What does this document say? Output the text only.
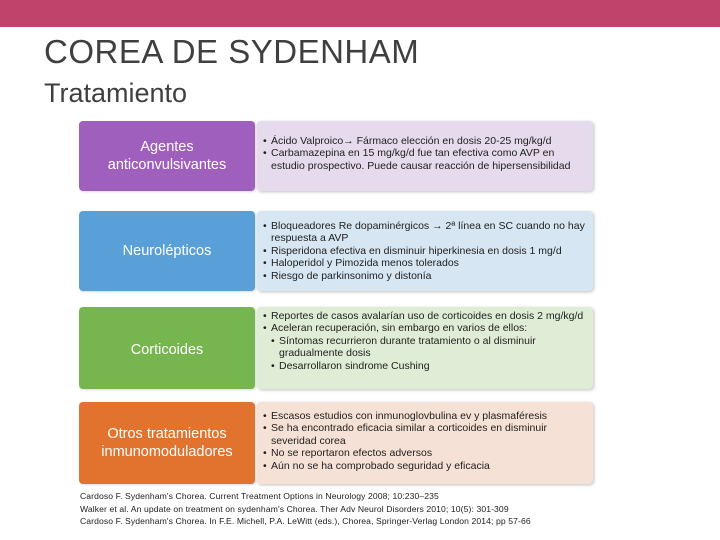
COREA DE SYDENHAM
Tratamiento
Agentes anticonvulsivantes

• Ácido Valproico→ Fármaco elección en dosis 20-25 mg/kg/d

• Carbamazepina en 15 mg/kg/d fue tan efectiva como AVP en estudio prospectivo. Puede causar reacción de hipersensibilidad

Neurolépticos

• Bloqueadores Re dopaminérgicos → 2ª línea en SC cuando no hay respuesta a AVP

• Risperidona efectiva en disminuir hiperkinesia en dosis 1 mg/d

• Haloperidol y Pimozida menos tolerados

• Riesgo de parkinsonimo y distonía

Corticoides

• Reportes de casos avalarían uso de corticoides en dosis 2 mg/kg/d

• Aceleran recuperación, sin embargo en varios de ellos:

• Síntomas recurrieron durante tratamiento o al disminuir gradualmente dosis

• Desarrollaron sindrome Cushing

Otros tratamientos inmunomoduladores

• Escasos estudios con inmunoglovbulina ev y plasmaféresis

• Se ha encontrado eficacia similar a corticoides en disminuir severidad corea

• No se reportaron efectos adversos

• Aún no se ha comprobado seguridad y eficacia

Cardoso F. Sydenham's Chorea. Current Treatment Options in Neurology 2008; 10:230–235
Walker et al. An update on treatment on sydenham's Chorea. Ther Adv Neurol Disorders 2010; 10(5): 301-309
Cardoso F. Sydenham's Chorea. In F.E. Michell, P.A. LeWitt (eds.), Chorea, Springer-Verlag London 2014; pp 57-66
